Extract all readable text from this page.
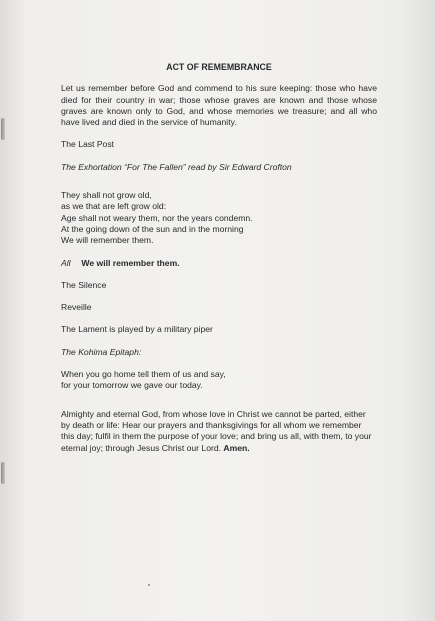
ACT OF REMEMBRANCE

Let us remember before God and commend to his sure keeping: those who have died for their country in war; those whose graves are known and those whose graves are known only to God, and whose memories we treasure; and all who have lived and died in the service of humanity.

The Last Post

The Exhortation “For The Fallen” read by Sir Edward Crofton

They shall not grow old,

as we that are left grow old:

Age shall not weary them, nor the years condemn.

At the going down of the sun and in the morning

We will remember them.

All We will remember them.

The Silence

Reveille

The Lament is played by a military piper

The Kohima Epitaph:

When you go home tell them of us and say,

for your tomorrow we gave our today.

Almighty and eternal God, from whose love in Christ we cannot be parted, either by death or life: Hear our prayers and thanksgivings for all whom we remember this day; fulfil in them the purpose of your love; and bring us all, with them, to your eternal joy; through Jesus Christ our Lord. Amen.
